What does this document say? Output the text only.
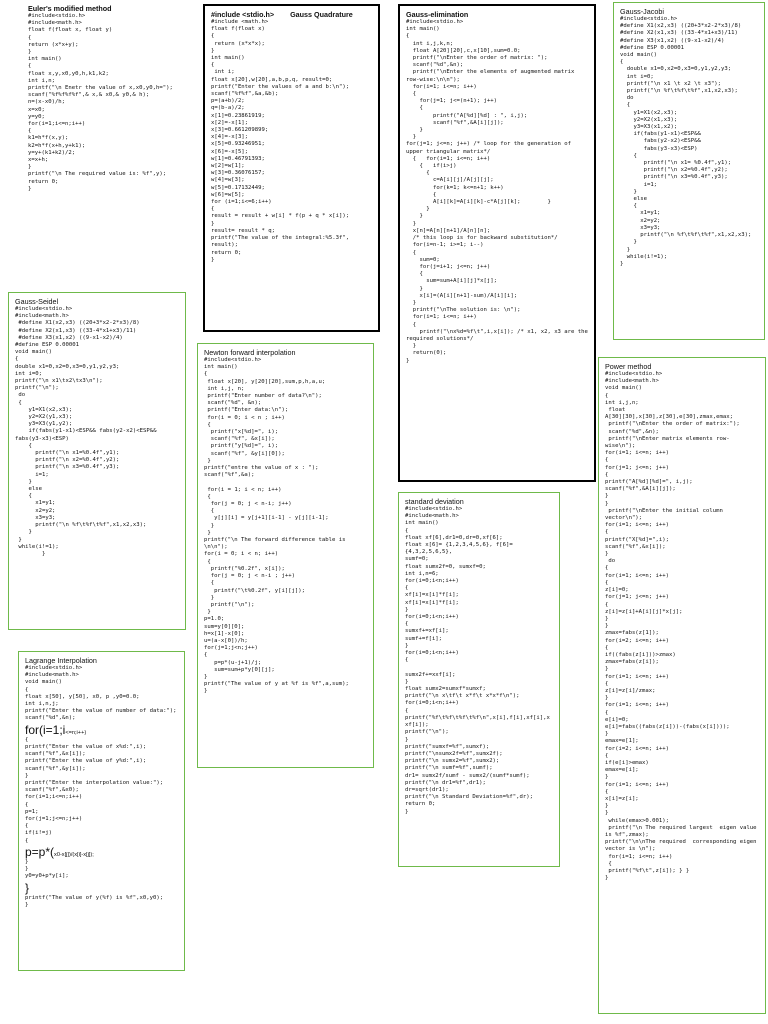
Euler's modified method
#include<stdio.h>
#include<math.h>
float f(float x, float y)
{
return (x*x+y);
}
int main()
{
float x,y,x0,y0,h,k1,k2;
int i,n;
printf("\n Enetr the value of x,x0,y0,h=");
scanf("%f%f%f%f",& x,& x0,& y0,& h);
n=(x-x0)/h;
x=x0;
y=y0;
for(i=1;i<=n;i++)
{
k1=h*f(x,y);
k2=h*f(x+h,y+k1);
y=y+(k1+k2)/2;
x=x+h;
}
printf("\n The required value is: %f",y);
return 0;
}
#include <stdio.h>        Gauss Quadrature
#include <math.h>
float f(float x)
{
return (x*x*x);
}
int main()
{
int i;
float x[20],w[20],a,b,p,q, result=0;
printf("Enter the values of a and b:\n");
scanf("%f%f",&a,&b);
p=(a+b)/2;
q=(b-a)/2;
x[1]=0.23861919;
x[2]=-x[1];
x[3]=0.661209899;
x[4]=-x[3];
x[5]=0.93246951;
x[6]=-x[5];
w[1]=0.46791393;
w[2]=w[1];
w[3]=0.36076157;
w[4]=w[3];
w[5]=0.17132449;
w[6]=w[5];
for (i=1;i<=6;i++)
{
result = result + w[i] * f(p + q * x[i]);
}
result= result * q;
printf("The value of the integral:%5.3f", result);
return 0;
}
Gauss-elimination
#include<stdio.h>
int main()
{
int i,j,k,n;
float A[20][20],c,x[10],sum=0.0;
printf("\nEnter the order of matrix: ");
scanf("%d",&n);
printf("\nEnter the elements of augmented matrix row-wise:\n\n");
for(i=1; i<=n; i++)
{
for(j=1; j<=(n+1); j++)
{
printf("A[%d][%d] : ", i,j);
scanf("%f",&A[i][j]);
}
}
for(j=1; j<=n; j++) /* loop for the generation of upper triangular matrix*/
{   for(i=1; i<=n; i++)
{   if(i>j)
{
c=A[i][j]/A[j][j];
for(k=1; k<=n+1; k++)
{
A[i][k]=A[i][k]-c*A[j][k];        }
}
}
}
x[n]=A[n][n+1]/A[n][n];
/* this loop is for backward substitution*/
for(i=n-1; i>=1; i--)
{
sum=0;
for(j=i+1; j<=n; j++)
{
sum=sum+A[i][j]*x[j];
}
x[i]=(A[i][n+1]-sum)/A[i][i];
}
printf("\nThe solution is: \n");
for(i=1; i<=n; i++)
{
printf("\nx%d=%f\t",i,x[i]); /* x1, x2, x3 are the required solutions*/
}
return(0);
}
Gauss-Jacobi
#include<stdio.h>
#define X1(x2,x3) ((20+3*x2-2*x3)/8)
#define X2(x1,x3) ((33-4*x1+x3)/11)
#define X3(x1,x2) ((9-x1-x2)/4)
#define ESP 0.00001
void main()
{
double x1=0,x2=0,x3=0,y1,y2,y3;
int i=0;
printf("\n x1 \t x2 \t x3");
printf("\n %f\t%f\t%f",x1,x2,x3);
do
{
y1=X1(x2,x3);
y2=X2(x1,x3);
y3=X3(x1,x2);
if(fabs(y1-x1)<ESP&&
fabs(y2-x2)<ESP&&
fabs(y3-x3)<ESP)
{
printf("\n x1= %0.4f",y1);
printf("\n x2=%0.4f",y2);
printf("\n x3=%0.4f",y3);
i=1;
}
else
{
x1=y1;
x2=y2;
x3=y3;
printf("\n %f\t%f\t%f",x1,x2,x3);
}
}
while(i!=1);
}
Gauss-Seidel
#include<stdio.h>
#include<math.h>
#define X1(x2,x3) ((20+3*x2-2*x3)/8)
#define X2(x1,x3) ((33-4*x1+x3)/11)
#define X3(x1,x2) ((9-x1-x2)/4)
#define ESP 0.00001
void main()
{
double x1=0,x2=0,x3=0,y1,y2,y3;
int i=0;
printf("\n x1\tx2\tx3\n");
printf("\n");
do
{
y1=X1(x2,x3);
y2=X2(y1,x3);
y3=X3(y1,y2);
if(fabs(y1-x1)<ESP&& fabs(y2-x2)<ESP&& fabs(y3-x3)<ESP)
{
printf("\n x1=%0.4f",y1);
printf("\n x2=%0.4f",y2);
printf("\n x3=%0.4f",y3);
i=1;
}
else
{
x1=y1;
x2=y2;
x3=y3;
printf("\n %f\t%f\t%f",x1,x2,x3);
}
}
while(i!=1);
}
Newton forward interpolation
#include<stdio.h>
int main()
{
float x[20], y[20][20],sum,p,h,a,u;
int i,j, n;
printf("Enter number of data?\n");
scanf("%d", &n);
printf("Enter data:\n");
for(i = 0; i < n ; i++)
{
printf("x[%d]=", i);
scanf("%f", &x[i]);
printf("y[%d]=", i);
scanf("%f", &y[i][0]);
}
printf("entre the value of x : ");
scanf("%f",&a);

for(i = 1; i < n; i++)
{
for(j = 0; j < n-i; j++)
{
y[j][i] = y[j+1][i-1] - y[j][i-1];
}
}
printf("\n The forward difference table is \n\n");
for(i = 0; i < n; i++)
{
printf("%0.2f", x[i]);
for(j = 0; j < n-i ; j++)
{
printf("\t%0.2f", y[i][j]);
}
printf("\n");
}
p=1.0;
sum=y[0][0];
h=x[1]-x[0];
u=(a-x[0])/h;
for(j=1;j<n;j++)
{
p=p*(u-j+1)/j;
sum=sum+p*y[0][j];
}
printf("The value of y at %f is %f",a,sum);
}
standard deviation
#include<stdio.h>
#include<math.h>
int main()
{
float xf[6],dr1=0,dr=0,xf[6];
float x[6]= {1,2,3,4,5,6}, f[6]={4,3,2,5,6,5},
sumf=0;
float sumx2f=0, sumxf=0;
int i,n=6;
for(i=0;i<n;i++)
{
xf[i]=x[i]*f[i];
xf[i]=x[i]*f[i];
}
for(i=0;i<n;i++)
{
sumxf+=xf[i];
sumf+=f[i];
}
for(i=0;i<n;i++)
{

sumx2f+=xxf[i];
}
float sumx2=sumxf*sumxf;
printf("\n x\tf\t x*f\t x*x*f\n");
for(i=0;i<n;i++)
{
printf("%f\t%f\t%f\t%f\n",x[i],f[i],xf[i],xxf[i]);
printf("\n");
}
printf("sumxf=%f",sumxf);
printf("\nsumx2f=%f",sumx2f);
printf("\n sumx2=%f",sumx2);
printf("\n sumf=%f",sumf);
dr1= sumx2f/sumf - sumx2/(sumf*sumf);
printf("\n dr1=%f",dr1);
dr=sqrt(dr1);
printf("\n Standard Deviation=%f",dr);
return 0;
}
Power method
#include<stdio.h>
#include<math.h>
void main()
{
int i,j,n;
float
A[30][30],x[30],z[30],e[30],zmax,emax;
printf("\nEnter the order of matrix:");
scanf("%d",&n);
printf("\nEnter matrix elements row-wise\n");
for(i=1; i<=n; i++)
{
for(j=1; j<=n; j++)
{
printf("A[%d][%d]=", i,j);
scanf("%f",&A[i][j]);
}
}
printf("\nEnter the initial column vector\n");
for(i=1; i<=n; i++)
{
printf("X[%d]=",i);
scanf("%f",&x[i]);
}
do
{
for(i=1; i<=n; i++)
{
z[i]=0;
for(j=1; j<=n; j++)
{
z[i]=z[i]+A[i][j]*x[j];
}
}
zmax=fabs(z[1]);
for(i=2; i<=n; i++)
{
if((fabs(z[i]))>zmax)
zmax=fabs(z[i]);
}
for(i=1; i<=n; i++)
{
z[i]=z[i]/zmax;
}
for(i=1; i<=n; i++)
{
e[i]=0;
e[i]=fabs((fabs(z[i]))-(fabs(x[i])));
}
emax=e[1];
for(i=2; i<=n; i++)
{
if(e[i]>emax)
emax=e[i];
}
for(i=1; i<=n; i++)
{
x[i]=z[i];
}
}
while(emax>0.001);
printf("\n The required largest  eigen value is %f",zmax);
printf("\n\nThe required  corresponding eigen vector is \n");
for(i=1; i<=n; i++)
{
printf("%f\t",z[i]); } }
}
Lagrange Interpolation
#include<stdio.h>
#include<math.h>
void main()
{
float x[50], y[50], x0, p ,y0=0.0;
int i,n,j;
printf("Enter the value of number of data:");
scanf("%d",&n);
for(i=1;i<=n;i++)
{
printf("Enter the value of x%d:",i);
scanf("%f",&x[i]);
printf("Enter the value of y%d:",i);
scanf("%f",&y[i]);
}
printf("Enter the interpolation value:");
scanf("%f",&x0);
for(i=1;i<=n;i++)
{
p=1;
for(j=1;j<=n;j++)
{
if(i!=j)
{
p=p*(x0-x[j])/(x[i]-x[j]);
}
}
y0=y0+p*y[i];
}
printf("The value of y(%f) is %f",x0,y0);
}
